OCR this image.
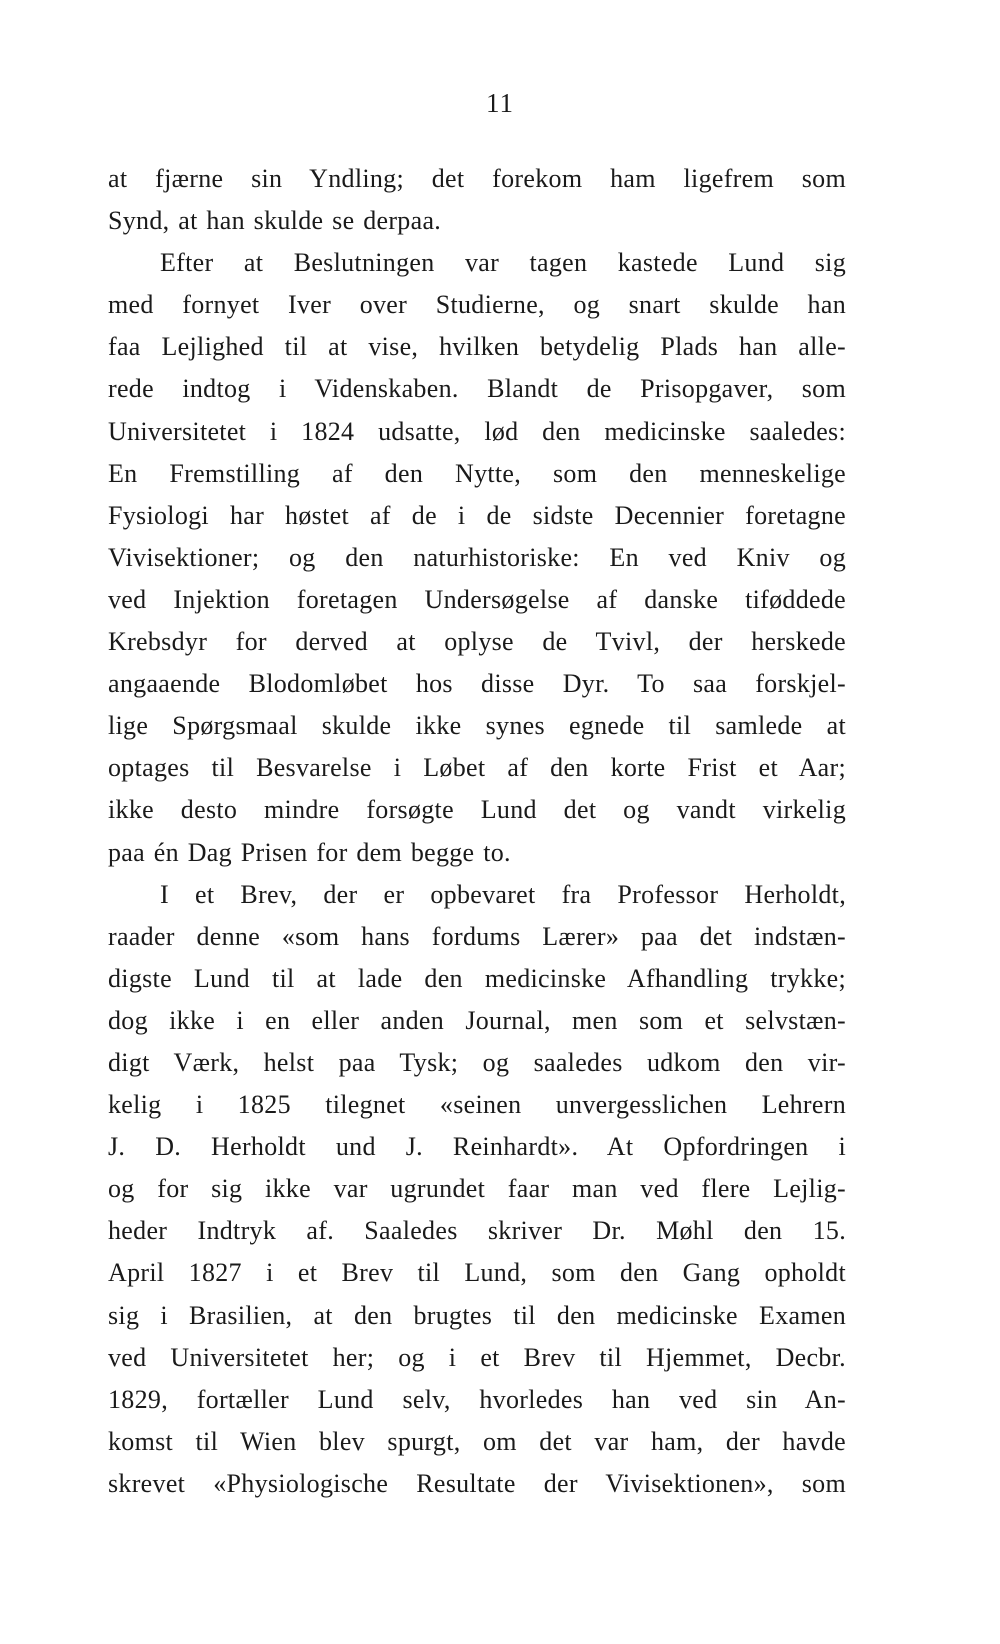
11
at fjærne sin Yndling; det forekom ham ligefrem som
Synd, at han skulde se derpaa.
Efter at Beslutningen var tagen kastede Lund sig
med fornyet Iver over Studierne, og snart skulde han
faa Lejlighed til at vise, hvilken betydelig Plads han alle-
rede indtog i Videnskaben. Blandt de Prisopgaver, som
Universitetet i 1824 udsatte, lød den medicinske saaledes:
En Fremstilling af den Nytte, som den menneskelige
Fysiologi har høstet af de i de sidste Decennier foretagne
Vivisektioner; og den naturhistoriske: En ved Kniv og
ved Injektion foretagen Undersøgelse af danske tiføddede
Krebsdyr for derved at oplyse de Tvivl, der herskede
angaaende Blodomløbet hos disse Dyr. To saa forskjel-
lige Spørgsmaal skulde ikke synes egnede til samlede at
optages til Besvarelse i Løbet af den korte Frist et Aar;
ikke desto mindre forsøgte Lund det og vandt virkelig
paa én Dag Prisen for dem begge to.
I et Brev, der er opbevaret fra Professor Herholdt,
raader denne «som hans fordums Lærer» paa det indstæn-
digste Lund til at lade den medicinske Afhandling trykke;
dog ikke i en eller anden Journal, men som et selvstæn-
digt Værk, helst paa Tysk; og saaledes udkom den vir-
kelig i 1825 tilegnet «seinen unvergesslichen Lehrern
J. D. Herholdt und J. Reinhardt». At Opfordringen i
og for sig ikke var ugrundet faar man ved flere Lejlig-
heder Indtryk af. Saaledes skriver Dr. Møhl den 15.
April 1827 i et Brev til Lund, som den Gang opholdt
sig i Brasilien, at den brugtes til den medicinske Examen
ved Universitetet her; og i et Brev til Hjemmet, Decbr.
1829, fortæller Lund selv, hvorledes han ved sin An-
komst til Wien blev spurgt, om det var ham, der havde
skrevet «Physiologische Resultate der Vivisektionen», som
